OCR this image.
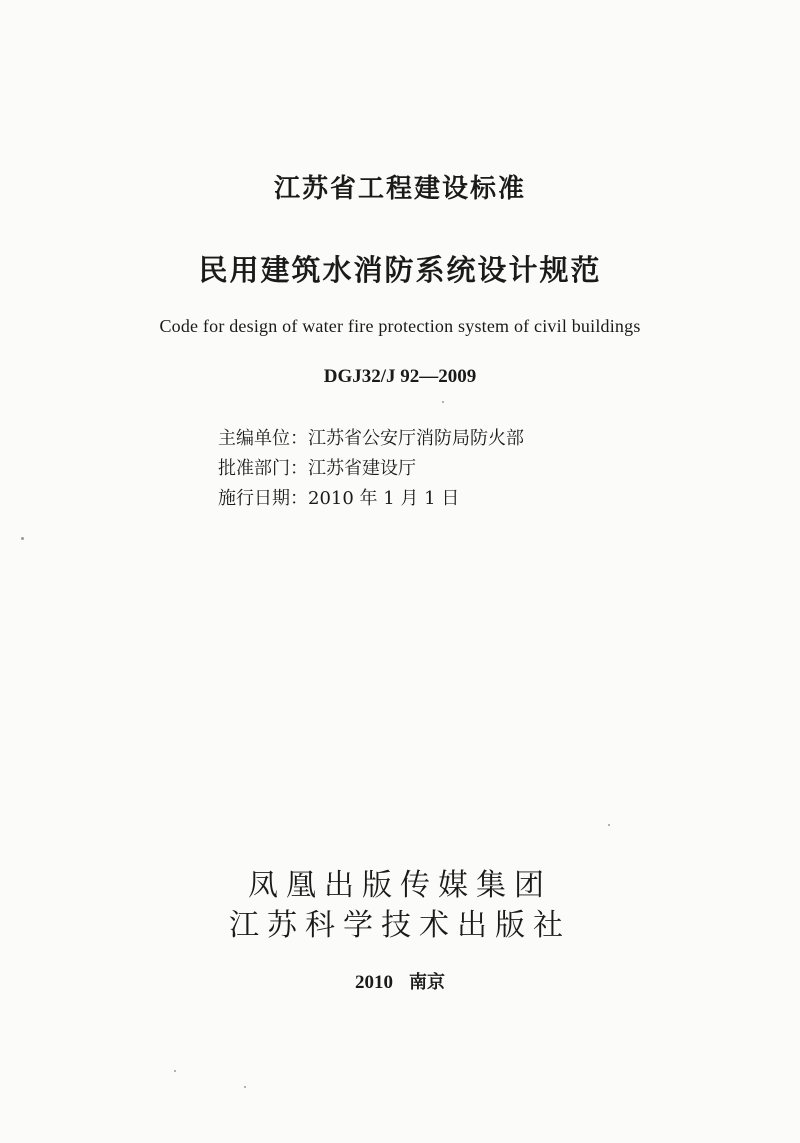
江苏省工程建设标准
民用建筑水消防系统设计规范
Code for design of water fire protection system of civil buildings
DGJ32/J 92—2009
主编单位：江苏省公安厅消防局防火部
批准部门：江苏省建设厅
施行日期：2010 年 1 月 1 日
凤凰出版传媒集团
江苏科学技术出版社
2010 南京
